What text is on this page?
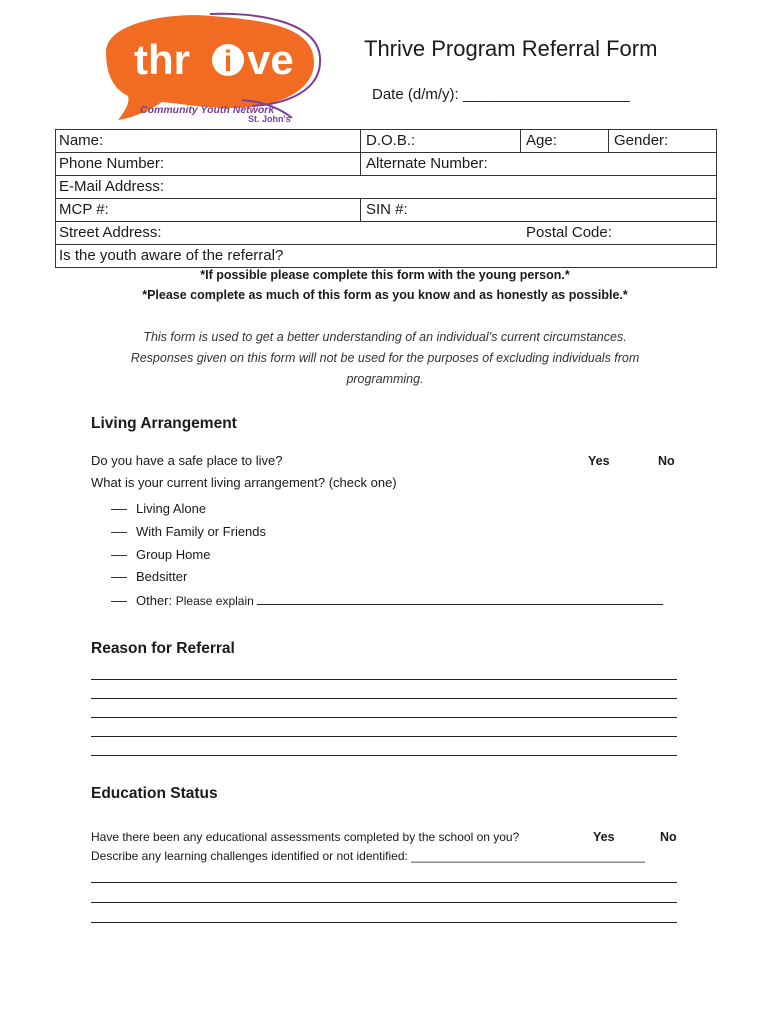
i
thr ve
Community Youth Network
St. John's
Thrive Program Referral Form
Date (d/m/y): ____________________
Name:	D.O.B.:	Age:	Gender:
Phone Number:	Alternate Number:
E-Mail Address:
MCP #:	SIN #:
Street Address:	Postal Code:
Is the youth aware of the referral?
*If possible please complete this form with the young person.*
*Please complete as much of this form as you know and as honestly as possible.*
This form is used to get a better understanding of an individual’s current circumstances.
Responses given on this form will not be used for the purposes of excluding individuals from
programming.
Living Arrangement
Do you have a safe place to live?	Yes	No
What is your current living arrangement? (check one)
Living Alone
With Family or Friends
Group Home
Bedsitter
Other: Please explain
Reason for Referral
Education Status
Have there been any educational assessments completed by the school on you?	Yes	No
Describe any learning challenges identified or not identified: ___________________________________
